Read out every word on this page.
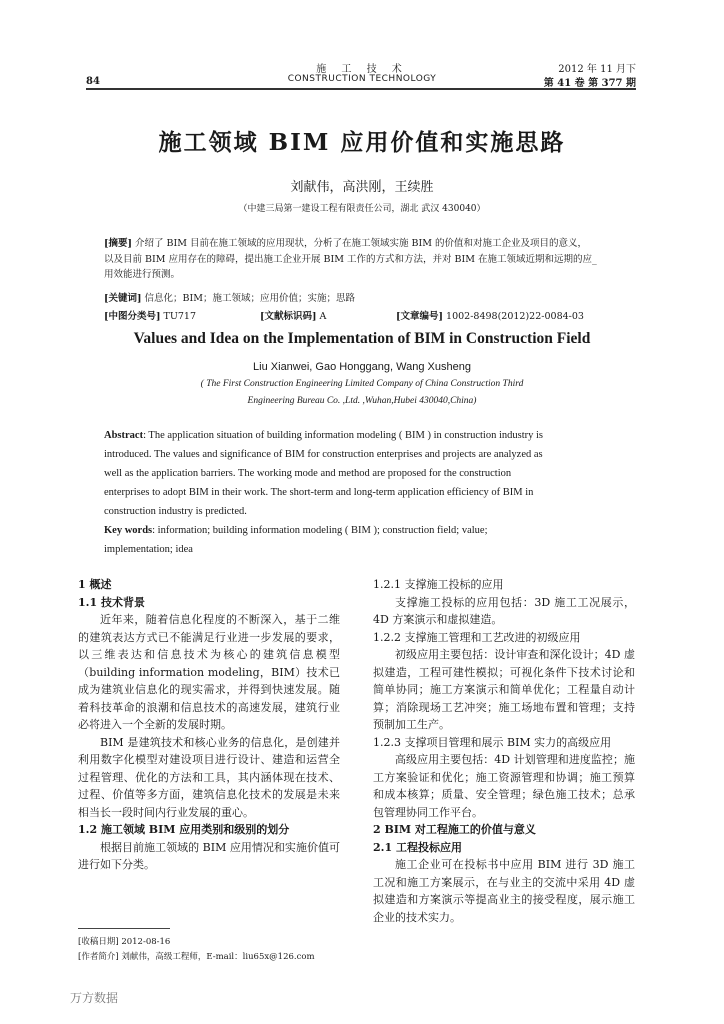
84
施 工 技 术
CONSTRUCTION TECHNOLOGY
2012 年 11 月下
第 41 卷 第 377 期
施工领域 BIM 应用价值和实施思路
刘献伟，高洪刚，王续胜
（中建三局第一建设工程有限责任公司，湖北 武汉 430040）
[摘要] 介绍了 BIM 目前在施工领域的应用现状，分析了在施工领域实施 BIM 的价值和对施工企业及项目的意义，
以及目前 BIM 应用存在的障碍，提出施工企业开展 BIM 工作的方式和方法，并对 BIM 在施工领域近期和远期的应_
用效能进行预测。
[关键词] 信息化；BIM；施工领域；应用价值；实施；思路
[中图分类号] TU717	[文献标识码] A	[文章编号] 1002-8498(2012)22-0084-03
Values and Idea on the Implementation of BIM in Construction Field
Liu Xianwei, Gao Honggang, Wang Xusheng
( The First Construction Engineering Limited Company of China Construction Third
Engineering Bureau Co. ,Ltd. ,Wuhan,Hubei 430040,China)
Abstract: The application situation of building information modeling ( BIM ) in construction industry is
introduced. The values and significance of BIM for construction enterprises and projects are analyzed as
well as the application barriers. The working mode and method are proposed for the construction
enterprises to adopt BIM in their work. The short-term and long-term application efficiency of BIM in
construction industry is predicted.
Key words: information; building information modeling ( BIM ); construction field; value;
implementation; idea

1 概述

1.1 技术背景

近年来，随着信息化程度的不断深入，基于二维的建筑表达方式已不能满足行业进一步发展的要求，以三维表达和信息技术为核心的建筑信息模型（building information modeling，BIM）技术已成为建筑业信息化的现实需求，并得到快速发展。随着科技革命的浪潮和信息技术的高速发展，建筑行业必将进入一个全新的发展时期。

BIM 是建筑技术和核心业务的信息化，是创建并利用数字化模型对建设项目进行设计、建造和运营全过程管理、优化的方法和工具，其内涵体现在技术、过程、价值等多方面，建筑信息化技术的发展是未来相当长一段时间内行业发展的重心。

1.2 施工领域 BIM 应用类别和级别的划分

根据目前施工领域的 BIM 应用情况和实施价值可进行如下分类。

1.2.1 支撑施工投标的应用

支撑施工投标的应用包括：3D 施工工况展示，4D 方案演示和虚拟建造。

1.2.2 支撑施工管理和工艺改进的初级应用

初级应用主要包括：设计审查和深化设计；4D 虚拟建造，工程可建性模拟；可视化条件下技术讨论和简单协同；施工方案演示和简单优化；工程量自动计算；消除现场工艺冲突；施工场地布置和管理；支持预制加工生产。

1.2.3 支撑项目管理和展示 BIM 实力的高级应用

高级应用主要包括：4D 计划管理和进度监控；施工方案验证和优化；施工资源管理和协调；施工预算和成本核算；质量、安全管理；绿色施工技术；总承包管理协同工作平台。

2 BIM 对工程施工的价值与意义

2.1 工程投标应用

施工企业可在投标书中应用 BIM 进行 3D 施工工况和施工方案展示，在与业主的交流中采用 4D 虚拟建造和方案演示等提高业主的接受程度，展示施工企业的技术实力。

[收稿日期] 2012-08-16
[作者简介] 刘献伟，高级工程师，E-mail：liu65x@126.com
万方数据
